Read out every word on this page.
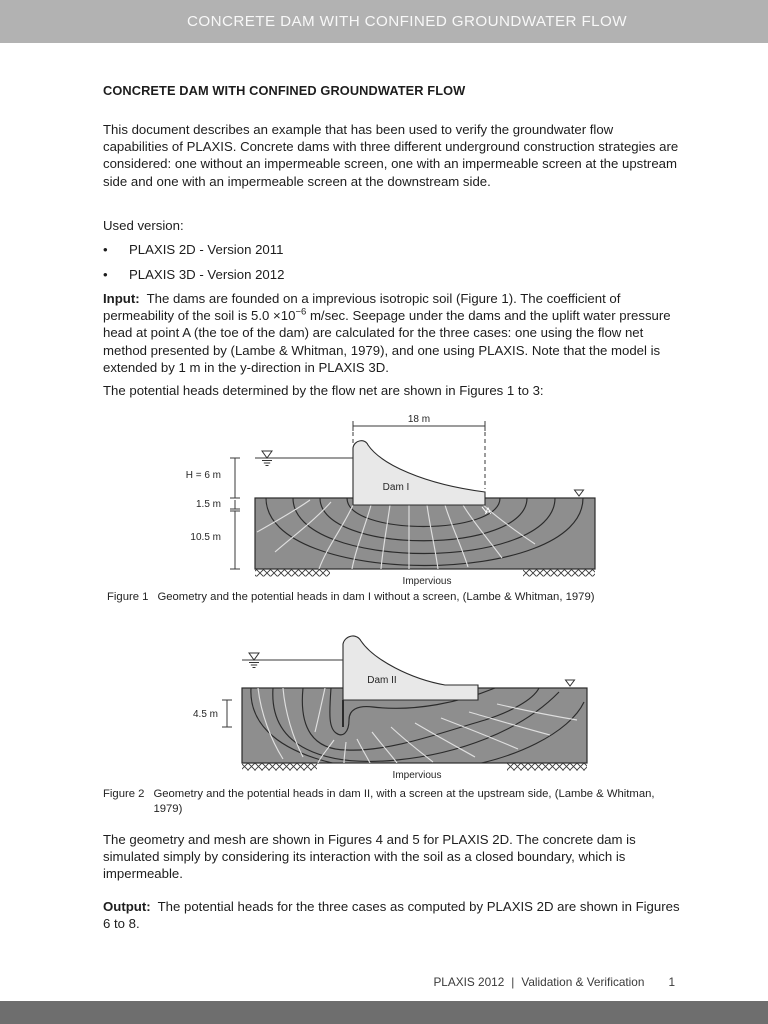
CONCRETE DAM WITH CONFINED GROUNDWATER FLOW
CONCRETE DAM WITH CONFINED GROUNDWATER FLOW

This document describes an example that has been used to verify the groundwater flow capabilities of PLAXIS. Concrete dams with three different underground construction strategies are considered: one without an impermeable screen, one with an impermeable screen at the upstream side and one with an impermeable screen at the downstream side.

Used version:

•	PLAXIS 2D - Version 2011
•	PLAXIS 3D - Version 2012

Input: The dams are founded on a imprevious isotropic soil (Figure 1). The coefficient of permeability of the soil is $5.0 \times 10^{-6}$ m/sec. Seepage under the dams and the uplift water pressure head at point A (the toe of the dam) are calculated for the three cases: one using the flow net method presented by (Lambe & Whitman, 1979), and one using PLAXIS. Note that the model is extended by 1 m in the y-direction in PLAXIS 3D.

The potential heads determined by the flow net are shown in Figures 1 to 3:

18 m
H = 6 m
1.5 m
10.5 m
Dam I
A
Impervious
Figure 1 Geometry and the potential heads in dam I without a screen, (Lambe & Whitman, 1979)
4.5 m
Dam II
Impervious
Figure 2 Geometry and the potential heads in dam II, with a screen at the upstream side, (Lambe & Whitman, 1979)

The geometry and mesh are shown in Figures 4 and 5 for PLAXIS 2D. The concrete dam is simulated simply by considering its interaction with the soil as a closed boundary, which is impermeable.

Output: The potential heads for the three cases as computed by PLAXIS 2D are shown in Figures 6 to 8.

PLAXIS 2012 | Validation & Verification 1
